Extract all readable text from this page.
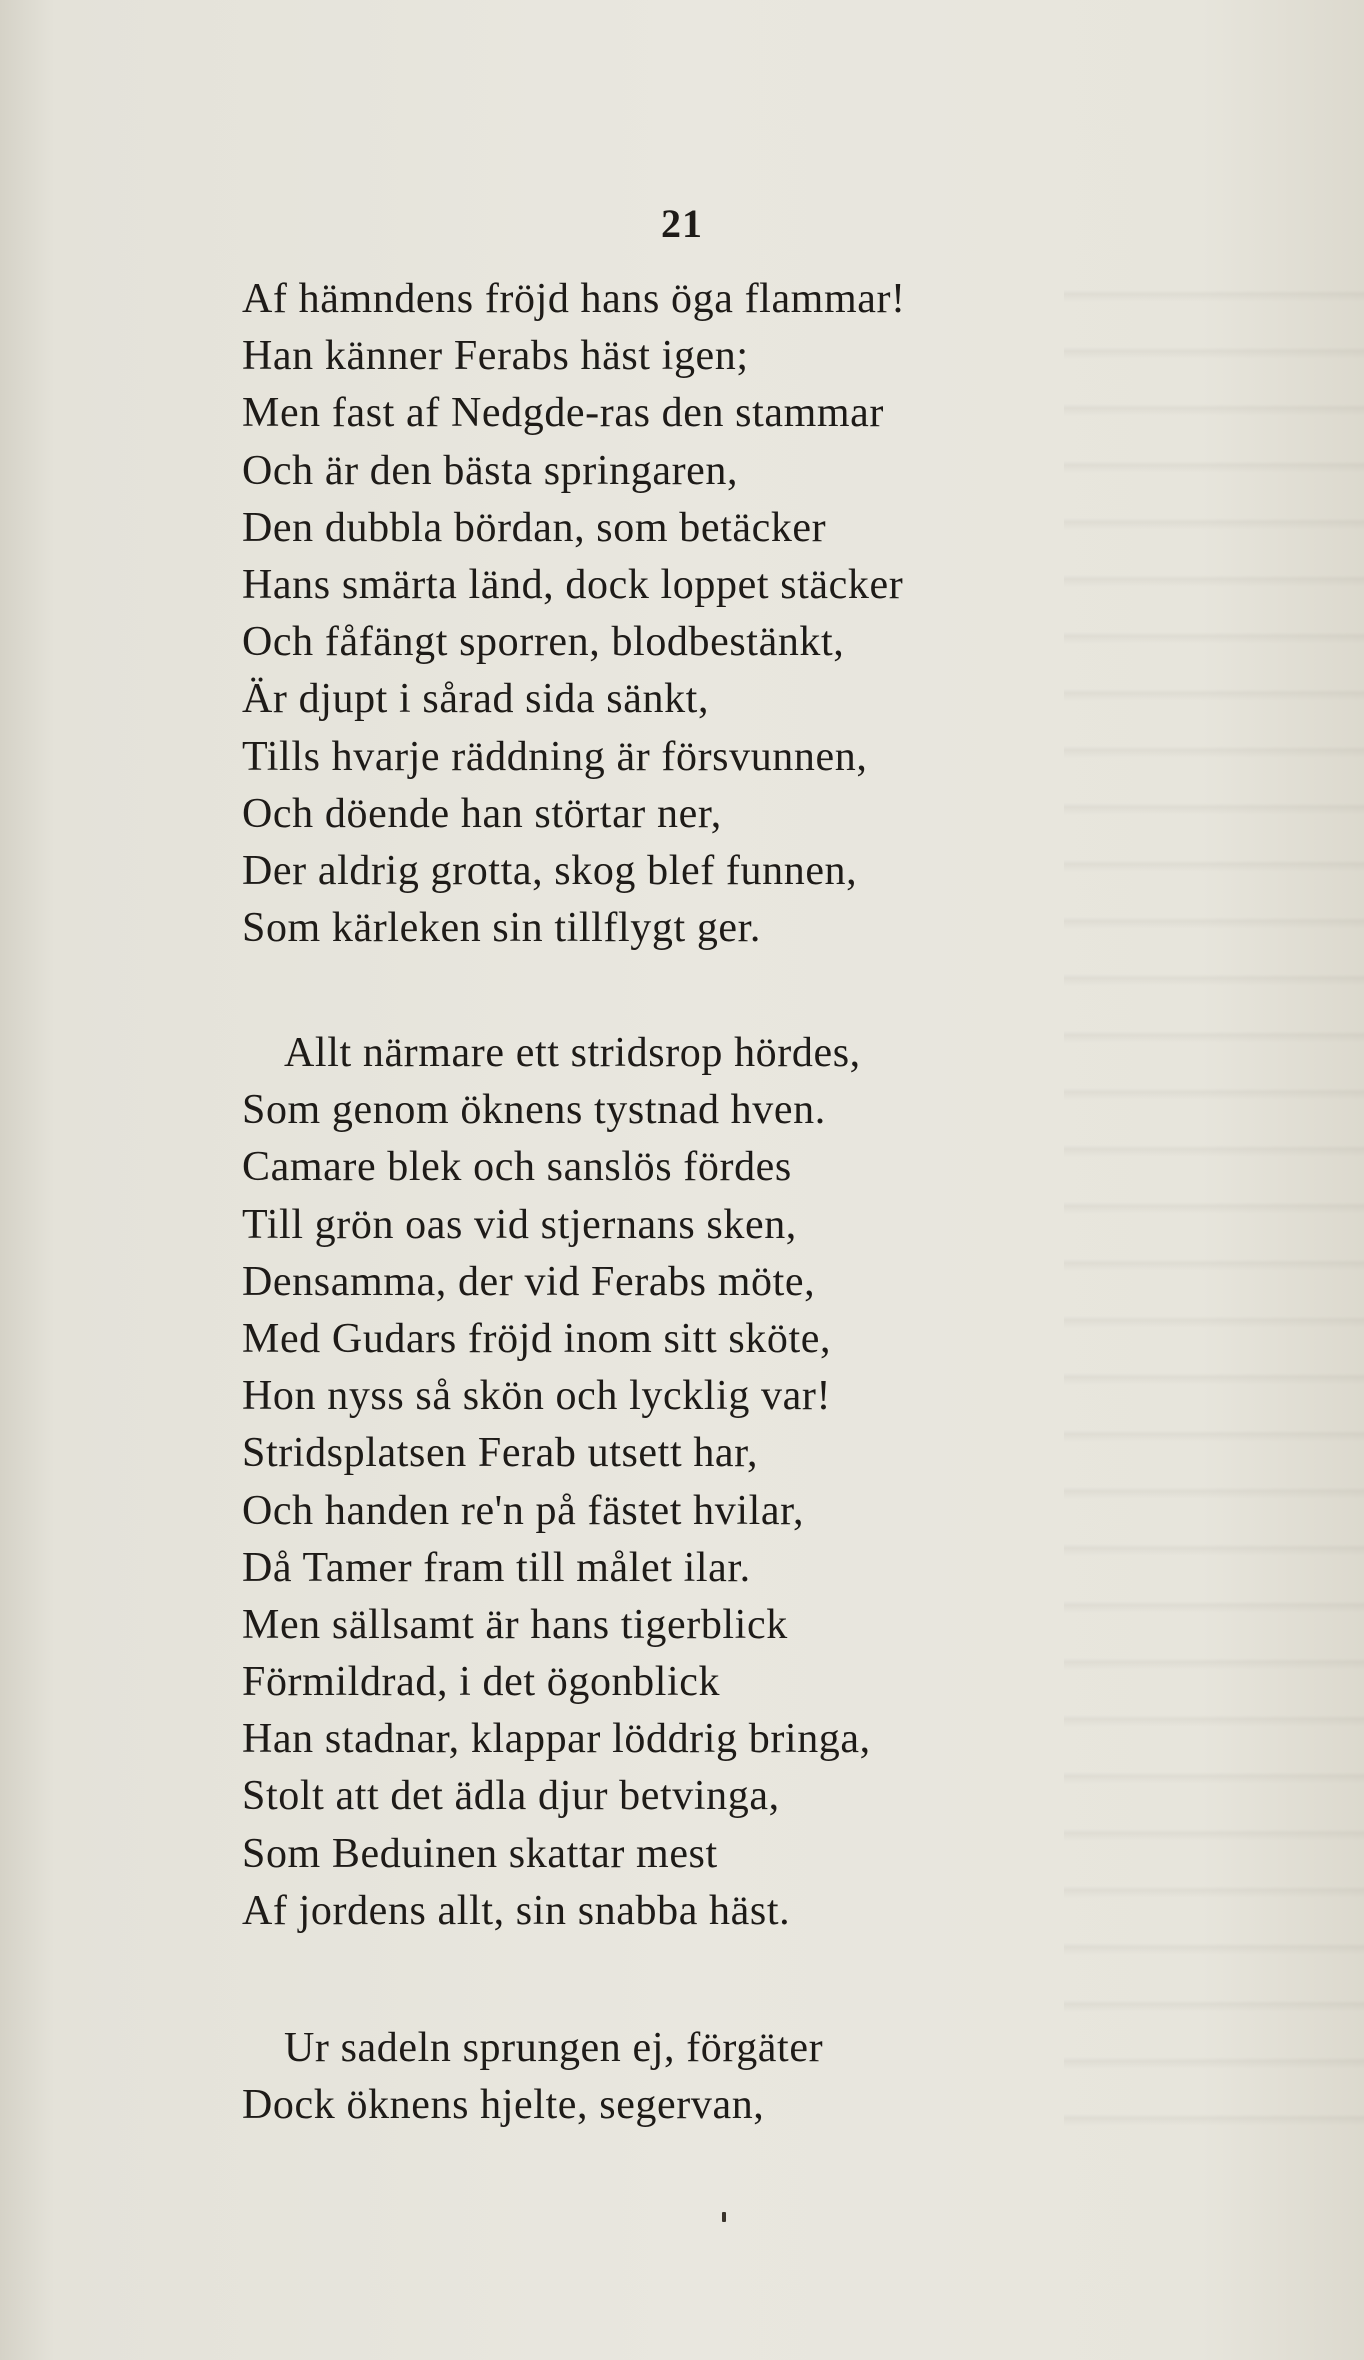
21
Af hämndens fröjd hans öga flammar!
Han känner Ferabs häst igen;
Men fast af Nedgde-ras den stammar
Och är den bästa springaren,
Den dubbla bördan, som betäcker
Hans smärta länd, dock loppet stäcker
Och fåfängt sporren, blodbestänkt,
Är djupt i sårad sida sänkt,
Tills hvarje räddning är försvunnen,
Och döende han störtar ner,
Der aldrig grotta, skog blef funnen,
Som kärleken sin tillflygt ger.
Allt närmare ett stridsrop hördes,
Som genom öknens tystnad hven.
Camare blek och sanslös fördes
Till grön oas vid stjernans sken,
Densamma, der vid Ferabs möte,
Med Gudars fröjd inom sitt sköte,
Hon nyss så skön och lycklig var!
Stridsplatsen Ferab utsett har,
Och handen re'n på fästet hvilar,
Då Tamer fram till målet ilar.
Men sällsamt är hans tigerblick
Förmildrad, i det ögonblick
Han stadnar, klappar löddrig bringa,
Stolt att det ädla djur betvinga,
Som Beduinen skattar mest
Af jordens allt, sin snabba häst.
Ur sadeln sprungen ej, förgäter
Dock öknens hjelte, segervan,
